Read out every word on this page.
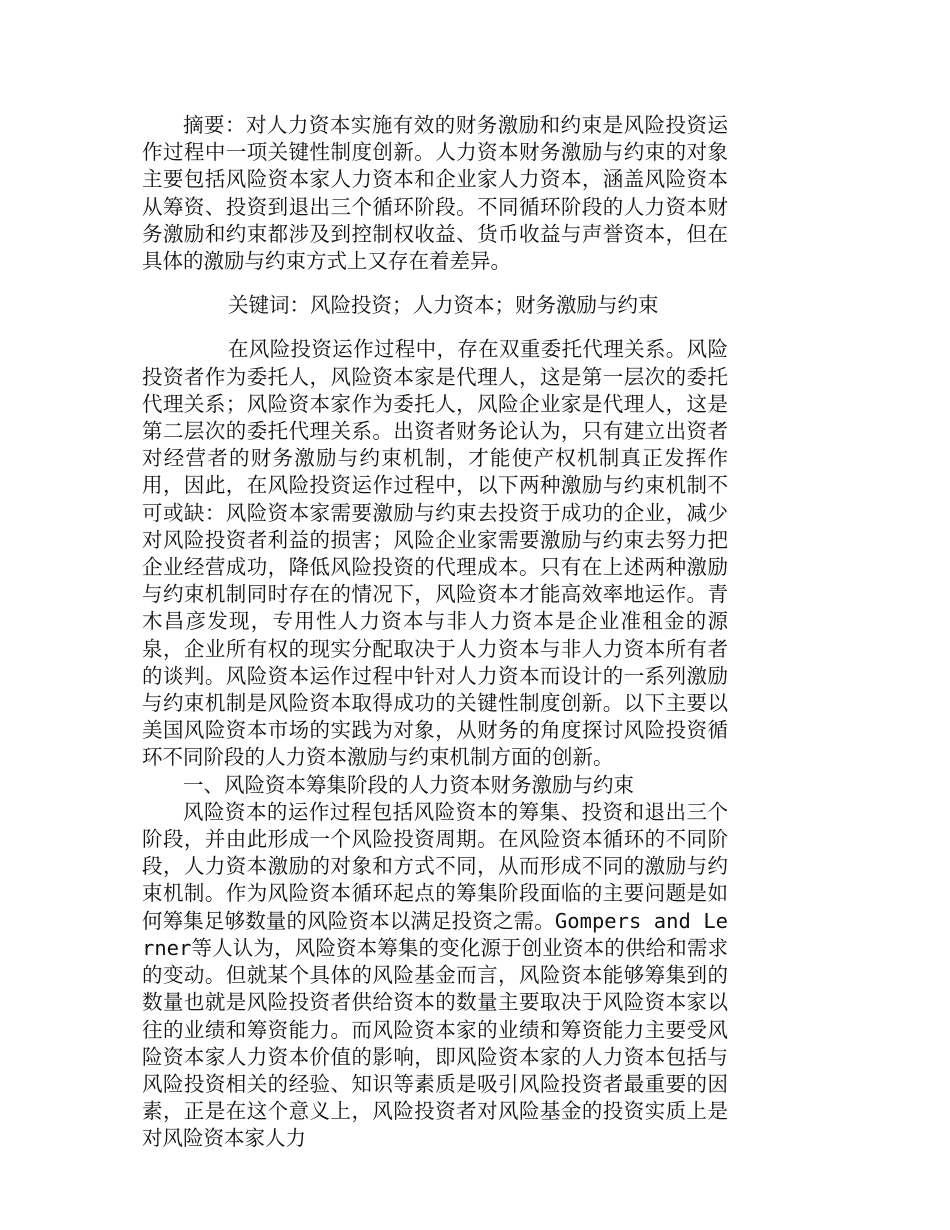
摘要：对人力资本实施有效的财务激励和约束是风险投资运作过程中一项关键性制度创新。人力资本财务激励与约束的对象主要包括风险资本家人力资本和企业家人力资本，涵盖风险资本从筹资、投资到退出三个循环阶段。不同循环阶段的人力资本财务激励和约束都涉及到控制权收益、货币收益与声誉资本，但在具体的激励与约束方式上又存在着差异。

关键词：风险投资；人力资本；财务激励与约束

在风险投资运作过程中，存在双重委托代理关系。风险投资者作为委托人，风险资本家是代理人，这是第一层次的委托代理关系；风险资本家作为委托人，风险企业家是代理人，这是第二层次的委托代理关系。出资者财务论认为，只有建立出资者对经营者的财务激励与约束机制，才能使产权机制真正发挥作用，因此，在风险投资运作过程中，以下两种激励与约束机制不可或缺：风险资本家需要激励与约束去投资于成功的企业，减少对风险投资者利益的损害；风险企业家需要激励与约束去努力把企业经营成功，降低风险投资的代理成本。只有在上述两种激励与约束机制同时存在的情况下，风险资本才能高效率地运作。青木昌彦发现，专用性人力资本与非人力资本是企业准租金的源泉，企业所有权的现实分配取决于人力资本与非人力资本所有者的谈判。风险资本运作过程中针对人力资本而设计的一系列激励与约束机制是风险资本取得成功的关键性制度创新。以下主要以美国风险资本市场的实践为对象，从财务的角度探讨风险投资循环不同阶段的人力资本激励与约束机制方面的创新。

一、风险资本筹集阶段的人力资本财务激励与约束

风险资本的运作过程包括风险资本的筹集、投资和退出三个阶段，并由此形成一个风险投资周期。在风险资本循环的不同阶段，人力资本激励的对象和方式不同，从而形成不同的激励与约束机制。作为风险资本循环起点的筹集阶段面临的主要问题是如何筹集足够数量的风险资本以满足投资之需。Gompers and Lerner等人认为，风险资本筹集的变化源于创业资本的供给和需求的变动。但就某个具体的风险基金而言，风险资本能够筹集到的数量也就是风险投资者供给资本的数量主要取决于风险资本家以往的业绩和筹资能力。而风险资本家的业绩和筹资能力主要受风险资本家人力资本价值的影响，即风险资本家的人力资本包括与风险投资相关的经验、知识等素质是吸引风险投资者最重要的因素，正是在这个意义上，风险投资者对风险基金的投资实质上是对风险资本家人力
